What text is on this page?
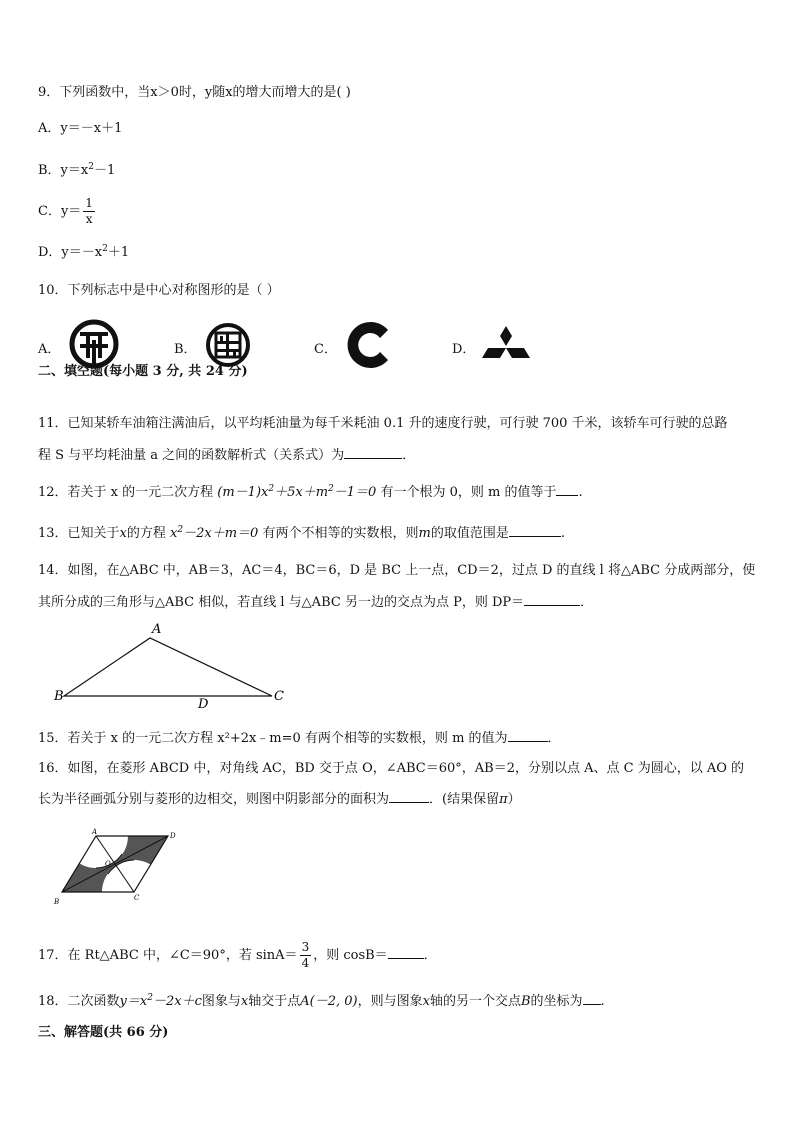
9．下列函数中，当x＞0时，y随x的增大而增大的是( )
A．y＝－x＋1
B．$y=x^2-1$
C．$y= \frac{1}{x}$
D．$y=-x^2+1$
10．下列标志中是中心对称图形的是（ ）
A．	B．	C．	D．
二、填空题(每小题 3 分, 共 24 分)
11．已知某轿车油箱注满油后，以平均耗油量为每千米耗油 0.1 升的速度行驶，可行驶 700 千米，该轿车可行驶的总路
程 S 与平均耗油量 a 之间的函数解析式（关系式）为	．
12．若关于 x 的一元二次方程 $(m-1)x^2+5x+m^2-1=0$ 有一个根为 0，则 m 的值等于 .
13．已知关于x的方程 $x^2-2x+m=0$ 有两个不相等的实数根，则m的取值范围是	.
14．如图，在△ABC 中，AB＝3，AC＝4，BC＝6，D 是 BC 上一点，CD＝2，过点 D 的直线 l 将△ABC 分成两部分，使
其所分成的三角形与△ABC 相似，若直线 l 与△ABC 另一边的交点为点 P，则 DP＝	．
A
B	C
D
15．若关于 x 的一元二次方程 x²+2x﹣m=0 有两个相等的实数根，则 m 的值为	．
16．如图，在菱形 ABCD 中，对角线 AC，BD 交于点 O，∠ABC＝60°，AB＝2，分别以点 A、点 C 为圆心，以 AO 的
长为半径画弧分别与菱形的边相交，则图中阴影部分的面积为	．(结果保留π）
A	D
B	C
O
17．在 Rt△ABC 中，∠C＝90°，若 $\sin A= \frac{3}{4}$ ，则 cosB＝	．
18．二次函数$y=x^2-2x+c$图象与x轴交于点A(－2, 0)，则与图象x轴的另一个交点B的坐标为 .
三、解答题(共 66 分)
